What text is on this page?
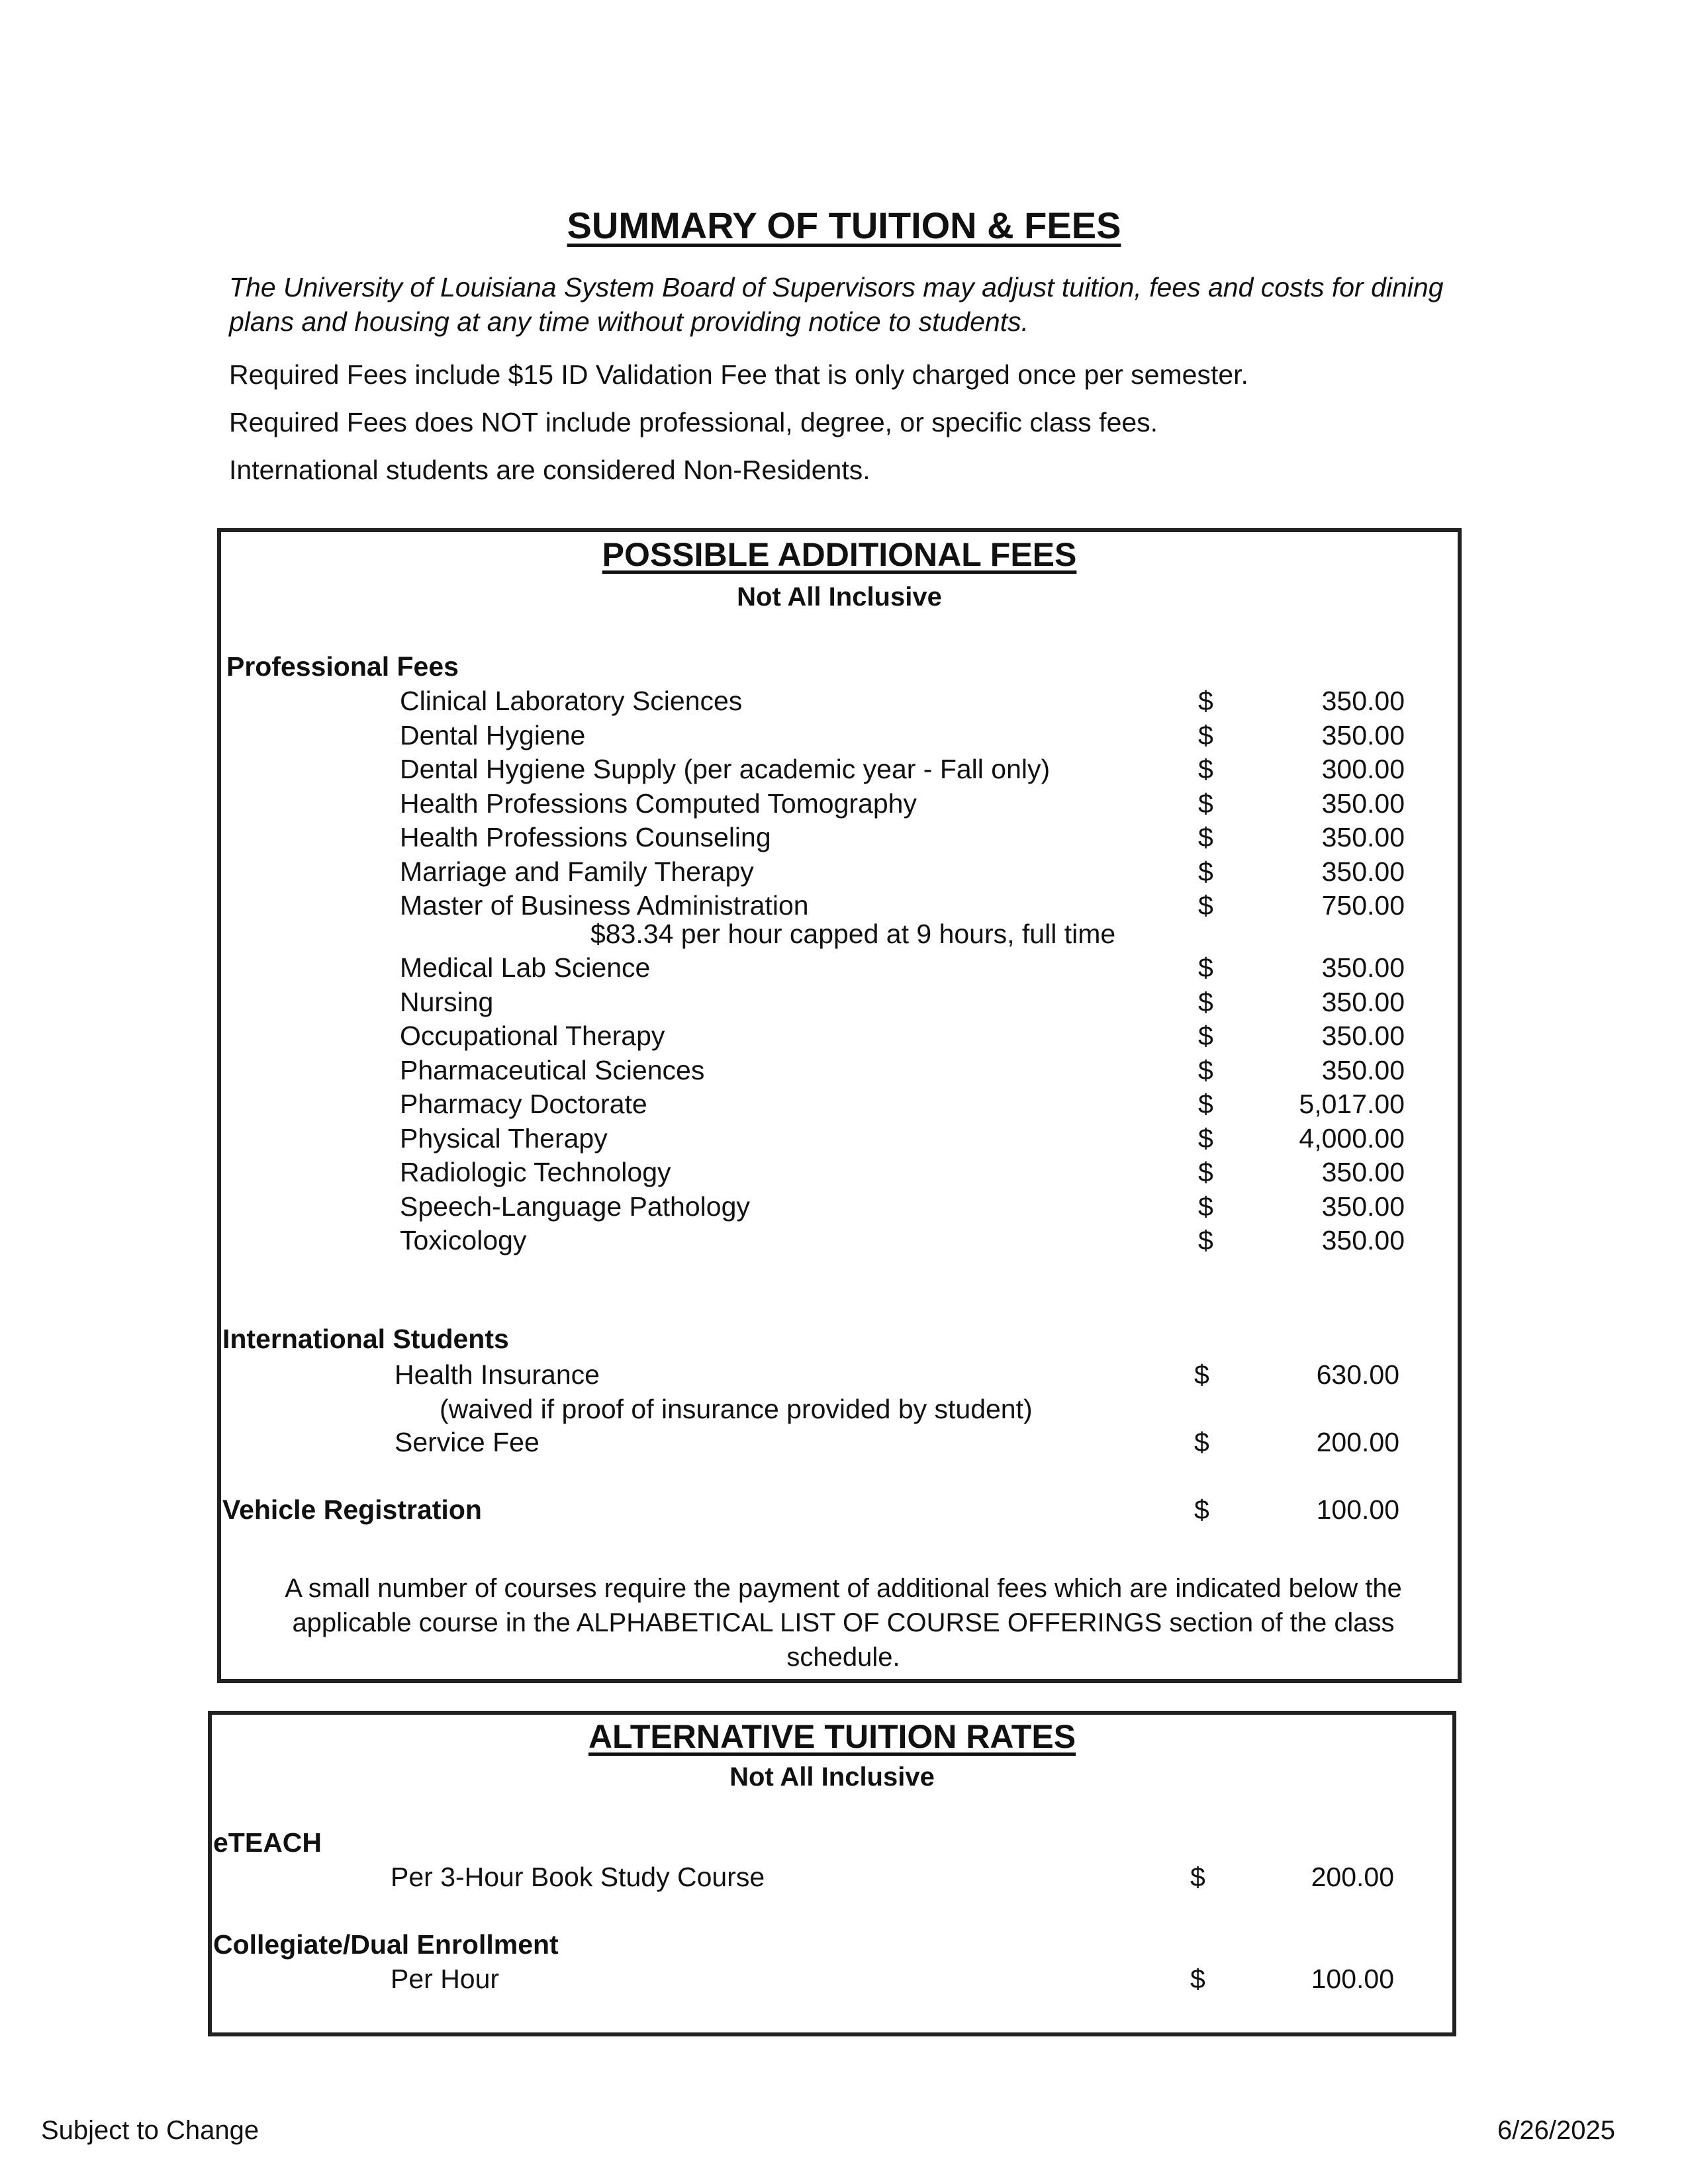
SUMMARY OF TUITION & FEES
The University of Louisiana System Board of Supervisors may adjust tuition, fees and costs for dining plans and housing at any time without providing notice to students.
Required Fees include $15 ID Validation Fee that is only charged once per semester.
Required Fees does NOT include professional, degree, or specific class fees.
International students are considered Non-Residents.
POSSIBLE ADDITIONAL FEES
Not All Inclusive
Professional Fees
Clinical Laboratory Sciences	$	350.00
Dental Hygiene	$	350.00
Dental Hygiene Supply (per academic year - Fall only)	$	300.00
Health Professions Computed Tomography	$	350.00
Health Professions Counseling	$	350.00
Marriage and Family Therapy	$	350.00
Master of Business Administration	$	750.00
$83.34 per hour capped at 9 hours, full time
Medical Lab Science	$	350.00
Nursing	$	350.00
Occupational Therapy	$	350.00
Pharmaceutical Sciences	$	350.00
Pharmacy Doctorate	$	5,017.00
Physical Therapy	$	4,000.00
Radiologic Technology	$	350.00
Speech-Language Pathology	$	350.00
Toxicology	$	350.00
International Students
Health Insurance	$	630.00
(waived if proof of insurance provided by student)
Service Fee	$	200.00
Vehicle Registration	$	100.00
A small number of courses require the payment of additional fees which are indicated below the applicable course in the ALPHABETICAL LIST OF COURSE OFFERINGS section of the class schedule.
ALTERNATIVE TUITION RATES
Not All Inclusive
eTEACH
Per 3-Hour Book Study Course	$	200.00
Collegiate/Dual Enrollment
Per Hour	$	100.00
Subject to Change	6/26/2025
